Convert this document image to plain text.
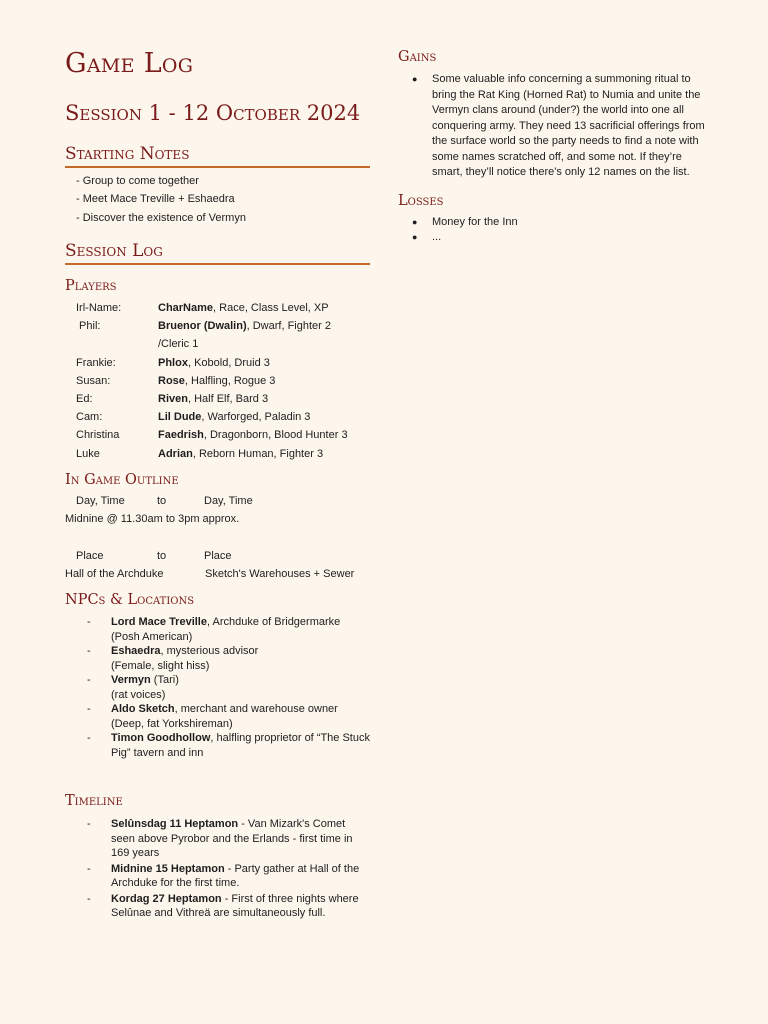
Game Log
Session 1 - 12 October 2024
Starting Notes
- Group to come together
- Meet Mace Treville + Eshaedra
- Discover the existence of Vermyn
Session Log
Players
Irl-Name:	CharName, Race, Class Level, XP
Phil:	Bruenor (Dwalin), Dwarf, Fighter 2
/Cleric 1
Frankie:	Phlox, Kobold, Druid 3
Susan:	Rose, Halfling, Rogue 3
Ed:	Riven, Half Elf, Bard 3
Cam:	Lil Dude, Warforged, Paladin 3
Christina	Faedrish, Dragonborn, Blood Hunter 3
Luke	Adrian, Reborn Human, Fighter 3
In Game Outline
Day, Time	to	Day, Time
Midnine @ 11.30am to 3pm approx.
Place	to	Place
Hall of the Archduke	Sketch's Warehouses + Sewer
NPCs & Locations
-	Lord Mace Treville, Archduke of Bridgermarke
(Posh American)
-	Eshaedra, mysterious advisor
(Female, slight hiss)
-	Vermyn (Tari)
(rat voices)
-	Aldo Sketch, merchant and warehouse owner
(Deep, fat Yorkshireman)
-	Timon Goodhollow, halfling proprietor of “The Stuck Pig” tavern and inn
Timeline
-	Selûnsdag 11 Heptamon - Van Mizark's Comet seen above Pyrobor and the Erlands - first time in 169 years
-	Midnine 15 Heptamon - Party gather at Hall of the Archduke for the first time.
-	Kordag 27 Heptamon - First of three nights where Selûnae and Vithreä are simultaneously full.
Gains
●	Some valuable info concerning a summoning ritual to bring the Rat King (Horned Rat) to Numia and unite the Vermyn clans around (under?) the world into one all conquering army. They need 13 sacrificial offerings from the surface world so the party needs to find a note with some names scratched off, and some not. If they’re smart, they’ll notice there's only 12 names on the list.
Losses
●	Money for the Inn
●	...
